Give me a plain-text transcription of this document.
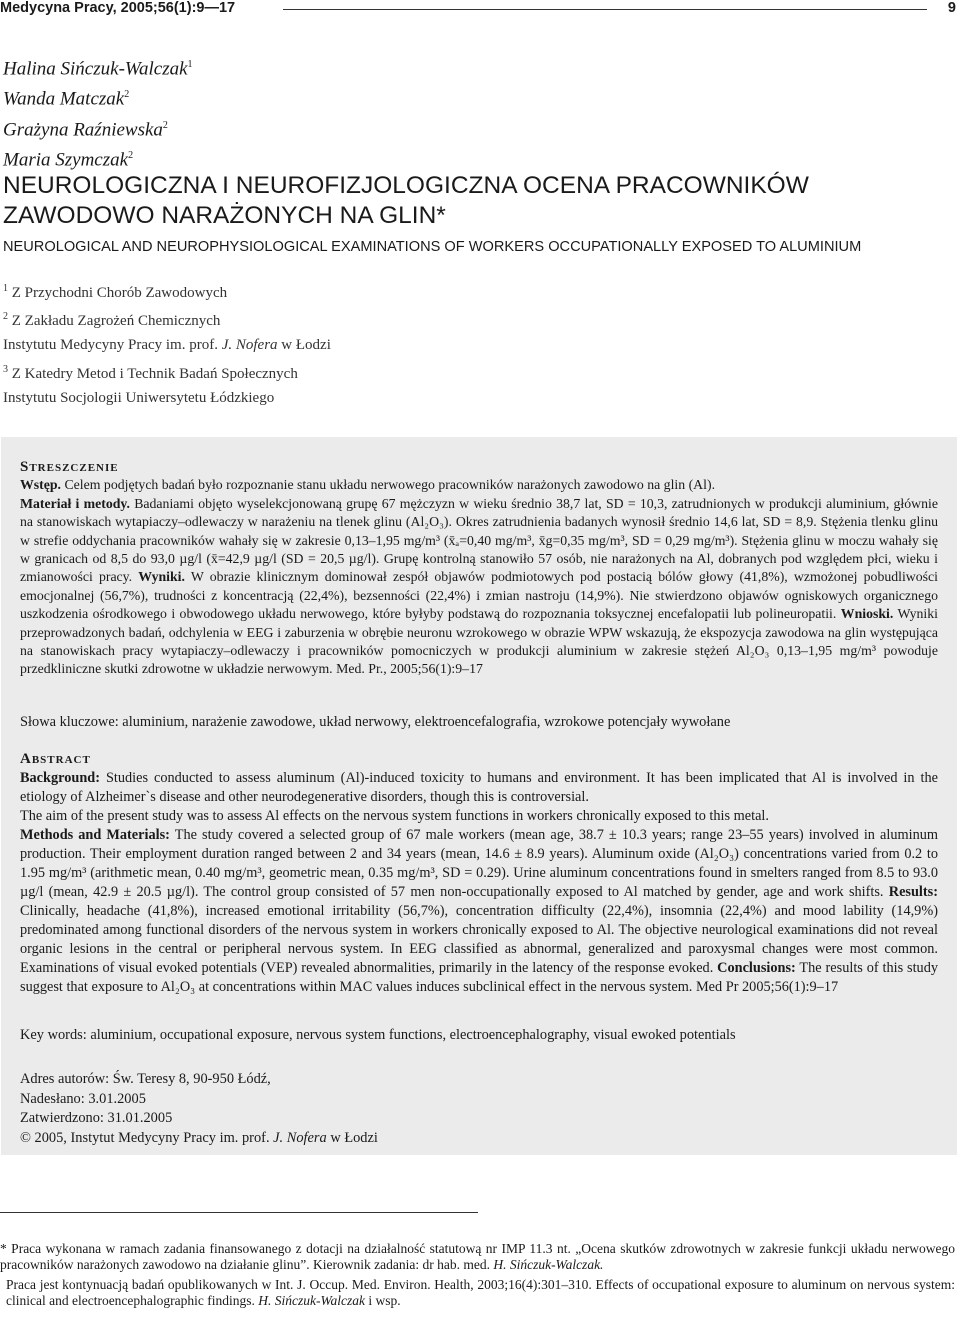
Medycyna Pracy, 2005;56(1):9—17	9
Halina Sińczuk-Walczak$^1$
Wanda Matczak$^2$
Grażyna Raźniewska$^2$
Maria Szymczak$^2$
NEUROLOGICZNA I NEUROFIZJOLOGICZNA OCENA PRACOWNIKÓW
ZAWODOWO NARAŻONYCH NA GLIN*
NEUROLOGICAL AND NEUROPHYSIOLOGICAL EXAMINATIONS OF WORKERS OCCUPATIONALLY EXPOSED TO ALUMINIUM
$^1$ Z Przychodni Chorób Zawodowych
$^2$ Z Zakładu Zagrożeń Chemicznych
Instytutu Medycyny Pracy im. prof. J. Nofera w Łodzi
$^3$ Z Katedry Metod i Technik Badań Społecznych
Instytutu Socjologii Uniwersytetu Łódzkiego
Streszczenie

Wstęp. Celem podjętych badań było rozpoznanie stanu układu nerwowego pracowników narażonych zawodowo na glin (Al).
Materiał i metody. Badaniami objęto wyselekcjonowaną grupę 67 mężczyzn w wieku średnio 38,7 lat, SD = 10,3, zatrudnionych w produkcji aluminium, głównie na stanowiskach wytapiaczy–odlewaczy w narażeniu na tlenek glinu (Al₂O₃). Okres zatrudnienia badanych wynosił średnio 14,6 lat, SD = 8,9. Stężenia tlenku glinu w strefie oddychania pracowników wahały się w zakresie 0,13–1,95 mg/m³ (x̄ₐ=0,40 mg/m³, x̄g=0,35 mg/m³, SD = 0,29 mg/m³). Stężenia glinu w moczu wahały się w granicach od 8,5 do 93,0 µg/l (x̄=42,9 µg/l (SD = 20,5 µg/l). Grupę kontrolną stanowiło 57 osób, nie narażonych na Al, dobranych pod względem płci, wieku i zmianowości pracy. Wyniki. W obrazie klinicznym dominował zespół objawów podmiotowych pod postacią bólów głowy (41,8%), wzmożonej pobudliwości emocjonalnej (56,7%), trudności z koncentracją (22,4%), bezsenności (22,4%) i zmian nastroju (14,9%). Nie stwierdzono objawów ogniskowych organicznego uszkodzenia ośrodkowego i obwodowego układu nerwowego, które byłyby podstawą do rozpoznania toksycznej encefalopatii lub polineuropatii. Wnioski. Wyniki przeprowadzonych badań, odchylenia w EEG i zaburzenia w obrębie neuronu wzrokowego w obrazie WPW wskazują, że ekspozycja zawodowa na glin występująca na stanowiskach pracy wytapiaczy–odlewaczy i pracowników pomocniczych w produkcji aluminium w zakresie stężeń Al₂O₃ 0,13–1,95 mg/m³ powoduje przedkliniczne skutki zdrowotne w układzie nerwowym. Med. Pr., 2005;56(1):9–17

Słowa kluczowe: aluminium, narażenie zawodowe, układ nerwowy, elektroencefalografia, wzrokowe potencjały wywołane
Abstract

Background: Studies conducted to assess aluminum (Al)-induced toxicity to humans and environment. It has been implicated that Al is involved in the etiology of Alzheimer`s disease and other neurodegenerative disorders, though this is controversial.

The aim of the present study was to assess Al effects on the nervous system functions in workers chronically exposed to this metal.

Methods and Materials: The study covered a selected group of 67 male workers (mean age, 38.7 ± 10.3 years; range 23–55 years) involved in aluminum production. Their employment duration ranged between 2 and 34 years (mean, 14.6 ± 8.9 years). Aluminum oxide (Al₂O₃) concentrations varied from 0.2 to 1.95 mg/m³ (arithmetic mean, 0.40 mg/m³, geometric mean, 0.35 mg/m³, SD = 0.29). Urine aluminum concentrations found in smelters ranged from 8.5 to 93.0 µg/l (mean, 42.9 ± 20.5 µg/l). The control group consisted of 57 men non-occupationally exposed to Al matched by gender, age and work shifts. Results: Clinically, headache (41,8%), increased emotional irritability (56,7%), concentration difficulty (22,4%), insomnia (22,4%) and mood lability (14,9%) predominated among functional disorders of the nervous system in workers chronically exposed to Al. The objective neurological examinations did not reveal organic lesions in the central or peripheral nervous system. In EEG classified as abnormal, generalized and paroxysmal changes were most common. Examinations of visual evoked potentials (VEP) revealed abnormalities, primarily in the latency of the response evoked. Conclusions: The results of this study suggest that exposure to Al₂O₃ at concentrations within MAC values induces subclinical effect in the nervous system. Med Pr 2005;56(1):9–17

Key words: aluminium, occupational exposure, nervous system functions, electroencephalography, visual ewoked potentials
Adres autorów: Św. Teresy 8, 90-950 Łódź,
Nadesłano: 3.01.2005
Zatwierdzono: 31.01.2005
© 2005, Instytut Medycyny Pracy im. prof. J. Nofera w Łodzi

* Praca wykonana w ramach zadania finansowanego z dotacji na działalność statutową nr IMP 11.3 nt. „Ocena skutków zdrowotnych w zakresie funkcji układu nerwowego pracowników narażonych zawodowo na działanie glinu”. Kierownik zadania: dr hab. med. H. Sińczuk-Walczak.

Praca jest kontynuacją badań opublikowanych w Int. J. Occup. Med. Environ. Health, 2003;16(4):301–310. Effects of occupational exposure to aluminum on nervous system: clinical and electroencephalographic findings. H. Sińczuk-Walczak i wsp.
